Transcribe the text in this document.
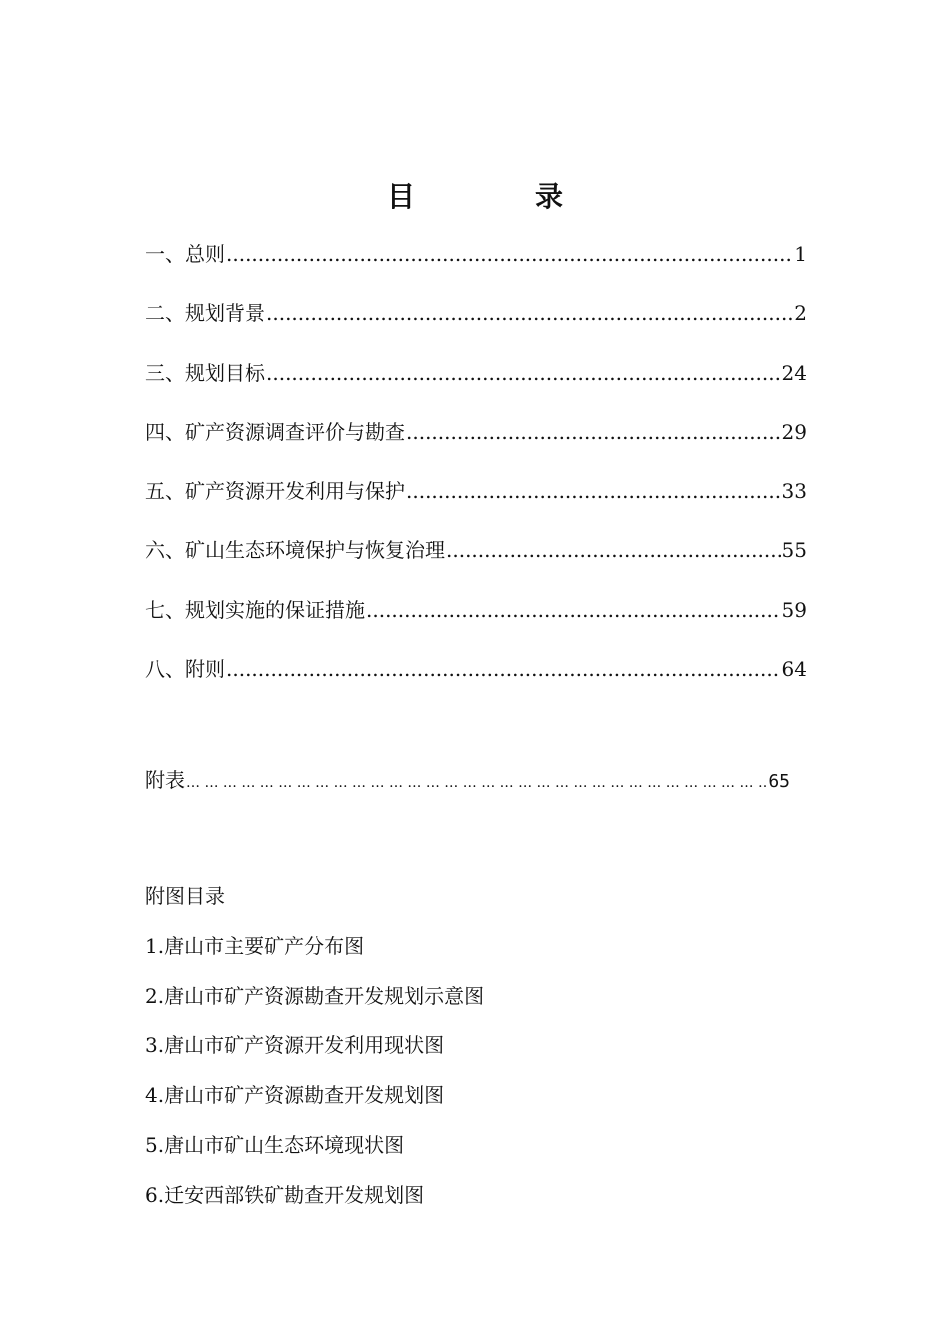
目	录
一、总则 .....	1
二、规划背景 .....	2
三、规划目标 .....	24
四、矿产资源调查评价与勘查 .....	29
五、矿产资源开发利用与保护 .....	33
六、矿山生态环境保护与恢复治理 .....	55
七、规划实施的保证措施 .....	59
八、附则 .....	64
附表 … … … … … … … … … … … … … … … … … … … … … … … … … … … … … … … … … … … … … … … … … … … … … … … … … … … … … … … …	65
附图目录
1.唐山市主要矿产分布图
2.唐山市矿产资源勘查开发规划示意图
3.唐山市矿产资源开发利用现状图
4.唐山市矿产资源勘查开发规划图
5.唐山市矿山生态环境现状图
6.迁安西部铁矿勘查开发规划图
